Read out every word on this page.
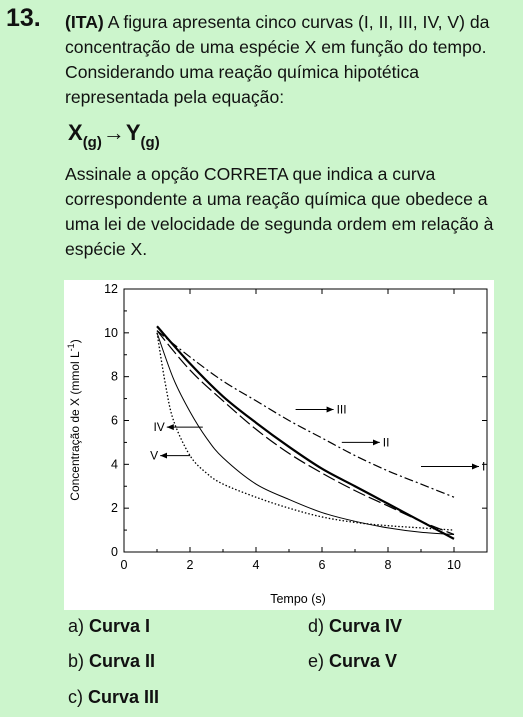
13. (ITA) A figura apresenta cinco curvas (I, II, III, IV, V) da concentração de uma espécie X em função do tempo. Considerando uma reação química hipotética representada pela equação:
$X_{(g)}\to Y_{(g)}$
Assinale a opção CORRETA que indica a curva correspondente a uma reação química que obedece a uma lei de velocidade de segunda ordem em relação à espécie X.
0	2	4	6	8	10
0
2
4
6
8
10
12
III
II
I
IV
V
Tempo (s)
Concentração de X (mmol $L^{-1}$)
a) Curva I
b) Curva II
c) Curva III
d) Curva IV
e) Curva V
